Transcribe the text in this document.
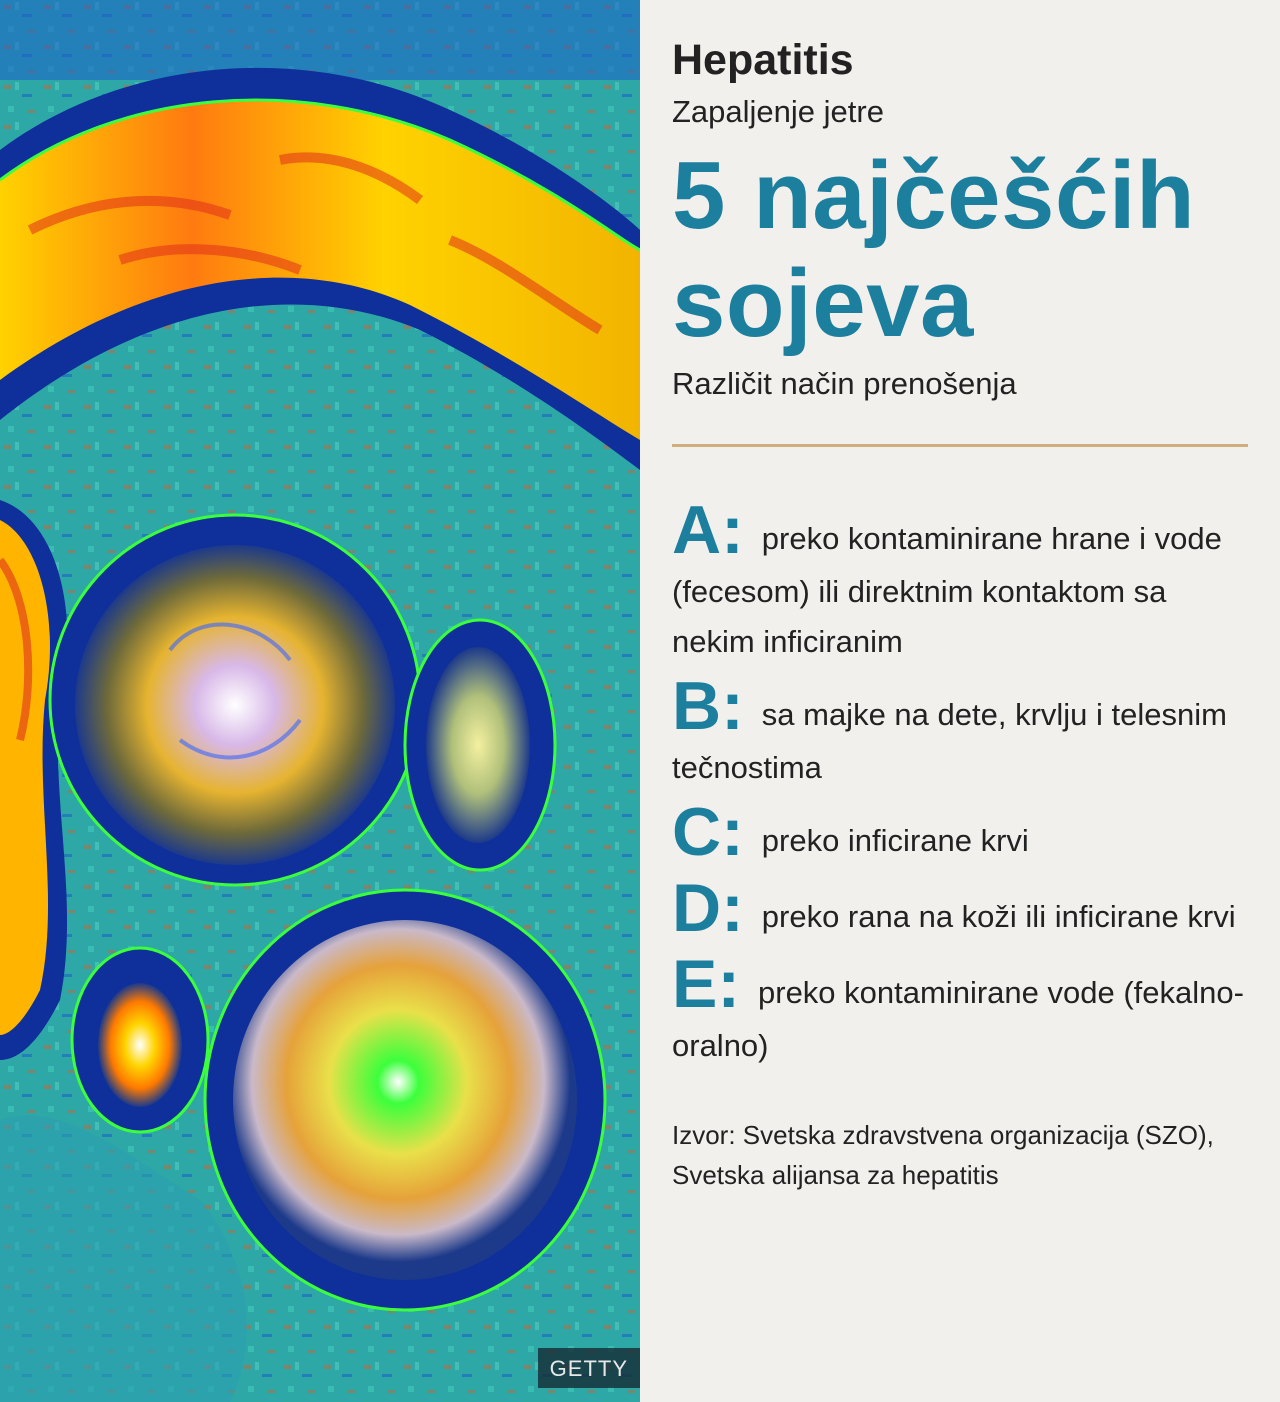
GETTY
Hepatitis
Zapaljenje jetre
5 najčešćih sojeva
Različit način prenošenja

A: preko kontaminirane hrane i vode (fecesom) ili direktnim kontaktom sa nekim inficiranim

B: sa majke na dete, krvlju i telesnim tečnostima

C: preko inficirane krvi

D: preko rana na koži ili inficirane krvi

E: preko kontaminirane vode (fekalno-oralno)

Izvor: Svetska zdravstvena organizacija (SZO), Svetska alijansa za hepatitis
